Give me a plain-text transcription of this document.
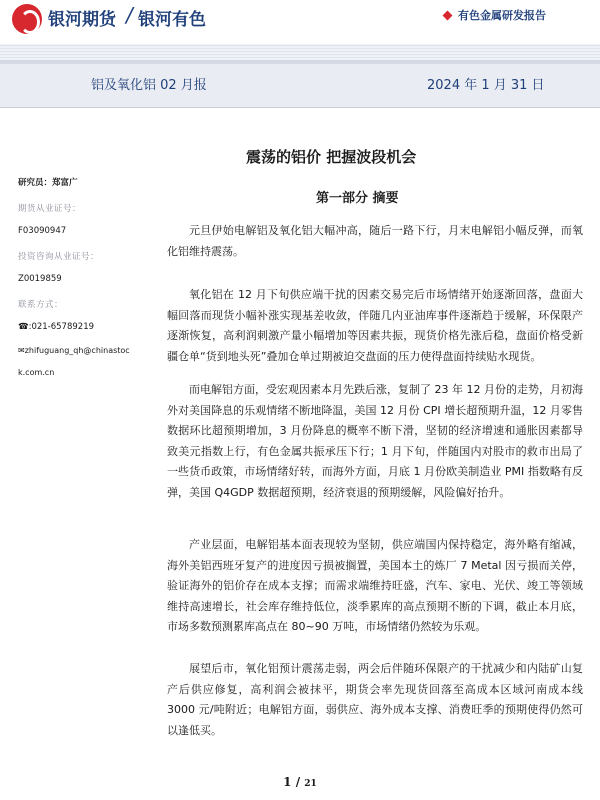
银河期货 / 银河有色	有色金属研发报告
铝及氧化铝 02 月报	2024 年 1 月 31 日
研究员：郑富广
期货从业证号：
F03090947
投资咨询从业证号：
Z0019859
联系方式：
☎:021-65789219
✉zhifuguang_qh@chinastoc
k.com.cn
震荡的铝价 把握波段机会
第一部分 摘要
元旦伊始电解铝及氧化铝大幅冲高，随后一路下行，月末电解铝小幅反弹，而氧化铝维持震荡。
氧化铝在 12 月下旬供应端干扰的因素交易完后市场情绪开始逐渐回落，盘面大幅回落而现货小幅补涨实现基差收敛，伴随几内亚油库事件逐渐趋于缓解，环保限产逐渐恢复，高利润刺激产量小幅增加等因素共振，现货价格先涨后稳，盘面价格受新疆仓单“货到地头死”叠加仓单过期被迫交盘面的压力使得盘面持续贴水现货。
而电解铝方面，受宏观因素本月先跌后涨，复制了 23 年 12 月份的走势，月初海外对美国降息的乐观情绪不断地降温，美国 12 月份 CPI 增长超预期升温，12 月零售数据环比超预期增加，3 月份降息的概率不断下滑，坚韧的经济增速和通胀因素都导致美元指数上行，有色金属共振承压下行；1 月下旬，伴随国内对股市的救市出局了一些货币政策，市场情绪好转，而海外方面，月底 1 月份欧美制造业 PMI 指数略有反弹，美国 Q4GDP 数据超预期，经济衰退的预期缓解，风险偏好抬升。
产业层面，电解铝基本面表现较为坚韧，供应端国内保持稳定，海外略有缩减，海外美铝西班牙复产的进度因亏损被搁置，美国本土的炼厂 7 Metal 因亏损而关停，验证海外的铝价存在成本支撑；而需求端维持旺盛，汽车、家电、光伏、竣工等领域维持高速增长，社会库存维持低位，淡季累库的高点预期不断的下调，截止本月底，市场多数预测累库高点在 80~90 万吨，市场情绪仍然较为乐观。
展望后市，氧化铝预计震荡走弱，两会后伴随环保限产的干扰减少和内陆矿山复产后供应修复，高利润会被抹平，期货会率先现货回落至高成本区域河南成本线 3000 元/吨附近；电解铝方面，弱供应、海外成本支撑、消费旺季的预期使得仍然可以逢低买。
1 / 21
